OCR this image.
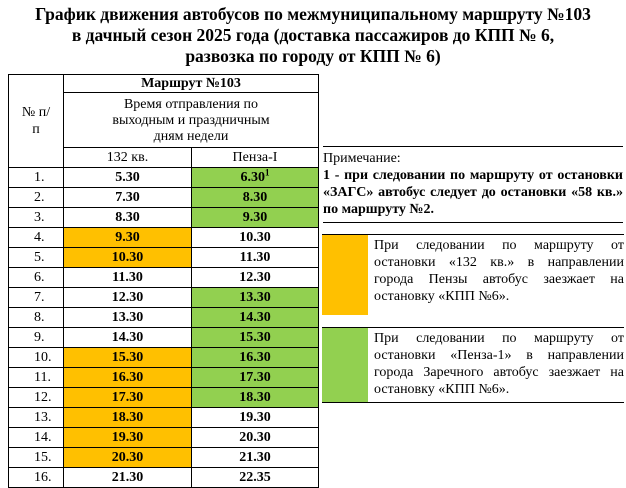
График движения автобусов по межмуниципальному маршруту №103
в дачный сезон 2025 года (доставка пассажиров до КПП № 6,
развозка по городу от КПП № 6)
№ п/п	Маршрут №103	
	Время отправления по выходным и праздничным дням недели	
	132 кв.	Пенза-I
1.	5.30	6.30$^1$
2.	7.30	8.30
3.	8.30	9.30
4.	9.30	10.30
5.	10.30	11.30
6.	11.30	12.30
7.	12.30	13.30
8.	13.30	14.30
9.	14.30	15.30
10.	15.30	16.30
11.	16.30	17.30
12.	17.30	18.30
13.	18.30	19.30
14.	19.30	20.30
15.	20.30	21.30
16.	21.30	22.35
Примечание:
1 - при следовании по маршруту от остановки «ЗАГС» автобус следует до остановки «58 кв.» по маршруту №2.
При следовании по маршруту от остановки «132 кв.» в направлении города Пензы автобус заезжает на остановку «КПП №6».
При следовании по маршруту от остановки «Пенза-1» в направлении города Заречного автобус заезжает на остановку «КПП №6».
